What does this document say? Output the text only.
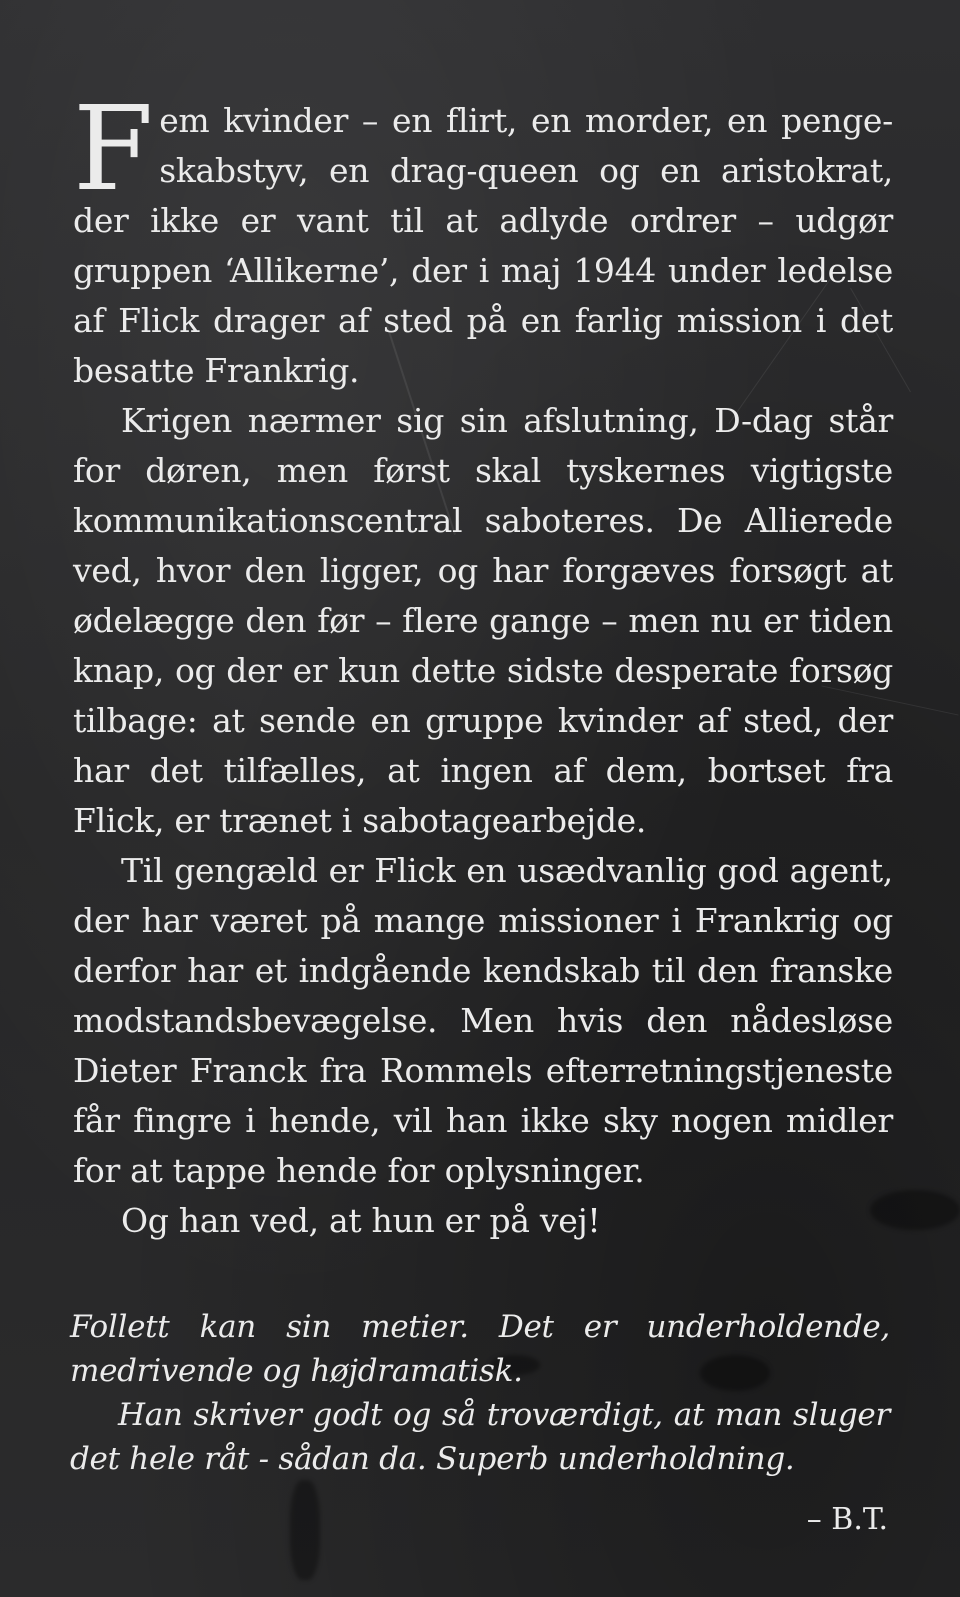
Fem kvinder – en flirt, en morder, en penge-skabstyv, en drag-queen og en aristokrat, der ikke er vant til at adlyde ordrer – udgør gruppen ‘Allikerne’, der i maj 1944 under ledelse af Flick drager af sted på en farlig mission i det besatte Frankrig.

Krigen nærmer sig sin afslutning, D-dag står for døren, men først skal tyskernes vigtigste kommunikationscentral saboteres. De Allierede ved, hvor den ligger, og har forgæves forsøgt at ødelægge den før – flere gange – men nu er tiden knap, og der er kun dette sidste desperate forsøg tilbage: at sende en gruppe kvinder af sted, der har det tilfælles, at ingen af dem, bortset fra Flick, er trænet i sabotagearbejde.

Til gengæld er Flick en usædvanlig god agent, der har været på mange missioner i Frankrig og derfor har et indgående kendskab til den franske modstandsbevægelse. Men hvis den nådesløse Dieter Franck fra Rommels efterretningstjeneste får fingre i hende, vil han ikke sky nogen midler for at tappe hende for oplysninger.

Og han ved, at hun er på vej!

Follett kan sin metier. Det er underholdende, medrivende og højdramatisk.

Han skriver godt og så troværdigt, at man sluger det hele råt - sådan da. Superb underholdning.

– B.T.
